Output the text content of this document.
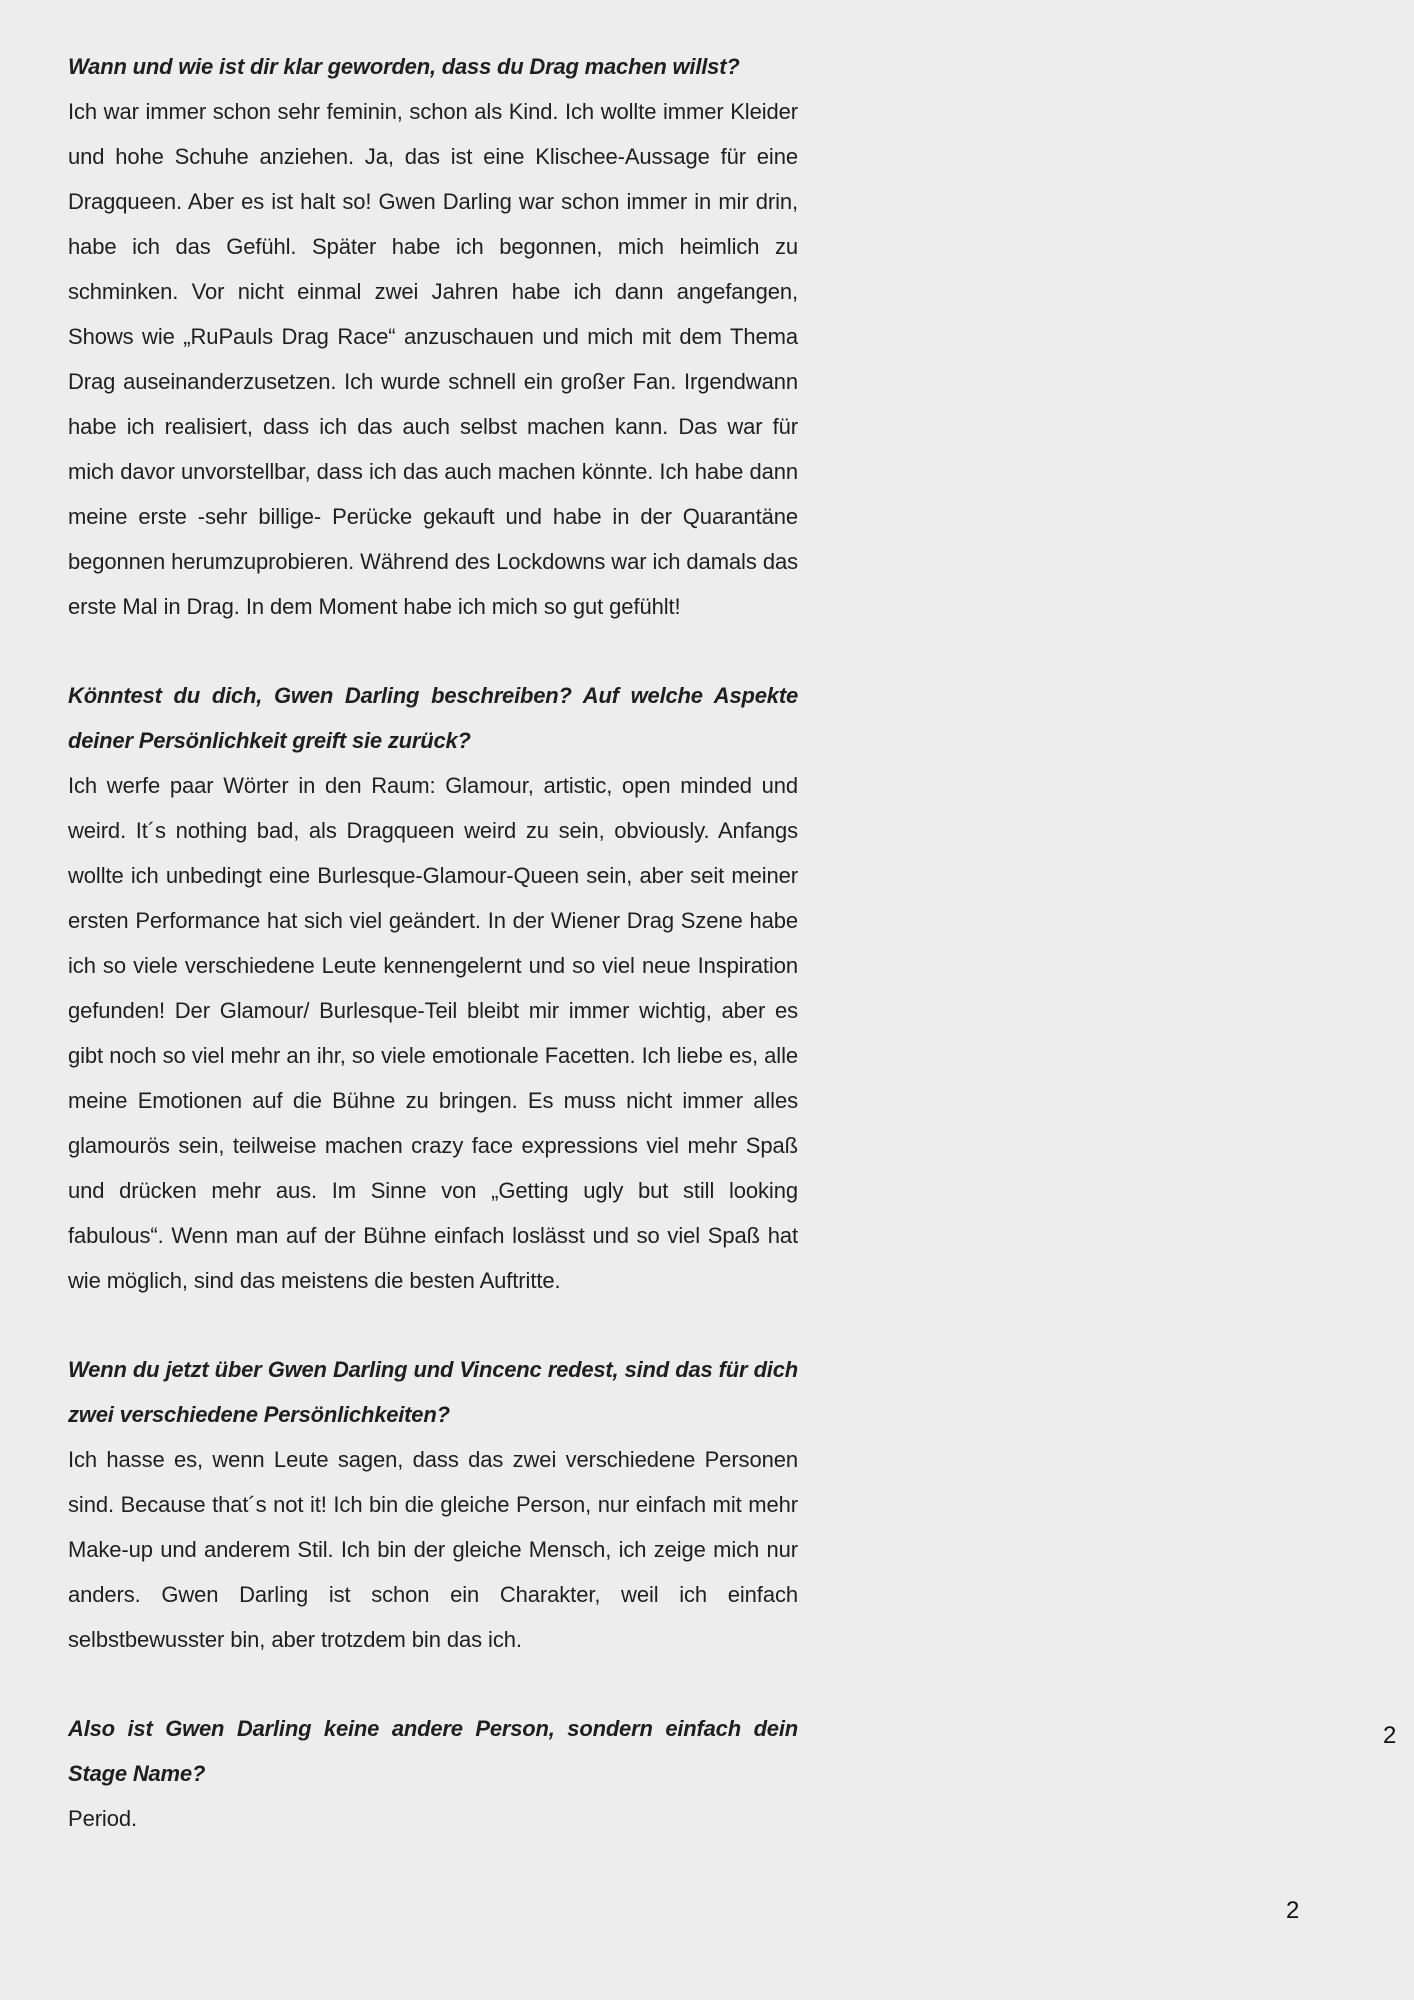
Wann und wie ist dir klar geworden, dass du Drag machen willst?

Ich war immer schon sehr feminin, schon als Kind. Ich wollte immer Kleider und hohe Schuhe anziehen. Ja, das ist eine Klischee-Aussage für eine Dragqueen. Aber es ist halt so! Gwen Darling war schon immer in mir drin, habe ich das Gefühl. Später habe ich begonnen, mich heimlich zu schminken. Vor nicht einmal zwei Jahren habe ich dann angefangen, Shows wie „RuPauls Drag Race“ anzuschauen und mich mit dem Thema Drag auseinanderzusetzen. Ich wurde schnell ein großer Fan. Irgendwann habe ich realisiert, dass ich das auch selbst machen kann. Das war für mich davor unvorstellbar, dass ich das auch machen könnte. Ich habe dann meine erste -sehr billige- Perücke gekauft und habe in der Quarantäne begonnen herumzuprobieren. Während des Lockdowns war ich damals das erste Mal in Drag. In dem Moment habe ich mich so gut gefühlt!

Könntest du dich, Gwen Darling beschreiben? Auf welche Aspekte deiner Persönlichkeit greift sie zurück?

Ich werfe paar Wörter in den Raum: Glamour, artistic, open minded und weird. It´s nothing bad, als Dragqueen weird zu sein, obviously. Anfangs wollte ich unbedingt eine Burlesque-Glamour-Queen sein, aber seit meiner ersten Performance hat sich viel geändert. In der Wiener Drag Szene habe ich so viele verschiedene Leute kennengelernt und so viel neue Inspiration gefunden! Der Glamour/ Burlesque-Teil bleibt mir immer wichtig, aber es gibt noch so viel mehr an ihr, so viele emotionale Facetten. Ich liebe es, alle meine Emotionen auf die Bühne zu bringen. Es muss nicht immer alles glamourös sein, teilweise machen crazy face expressions viel mehr Spaß und drücken mehr aus. Im Sinne von „Getting ugly but still looking fabulous“. Wenn man auf der Bühne einfach loslässt und so viel Spaß hat wie möglich, sind das meistens die besten Auftritte.

Wenn du jetzt über Gwen Darling und Vincenc redest, sind das für dich zwei verschiedene Persönlichkeiten?

Ich hasse es, wenn Leute sagen, dass das zwei verschiedene Personen sind. Because that´s not it! Ich bin die gleiche Person, nur einfach mit mehr Make-up und anderem Stil. Ich bin der gleiche Mensch, ich zeige mich nur anders. Gwen Darling ist schon ein Charakter, weil ich einfach selbstbewusster bin, aber trotzdem bin das ich.

Also ist Gwen Darling keine andere Person, sondern einfach dein Stage Name?

Period.

2
2
